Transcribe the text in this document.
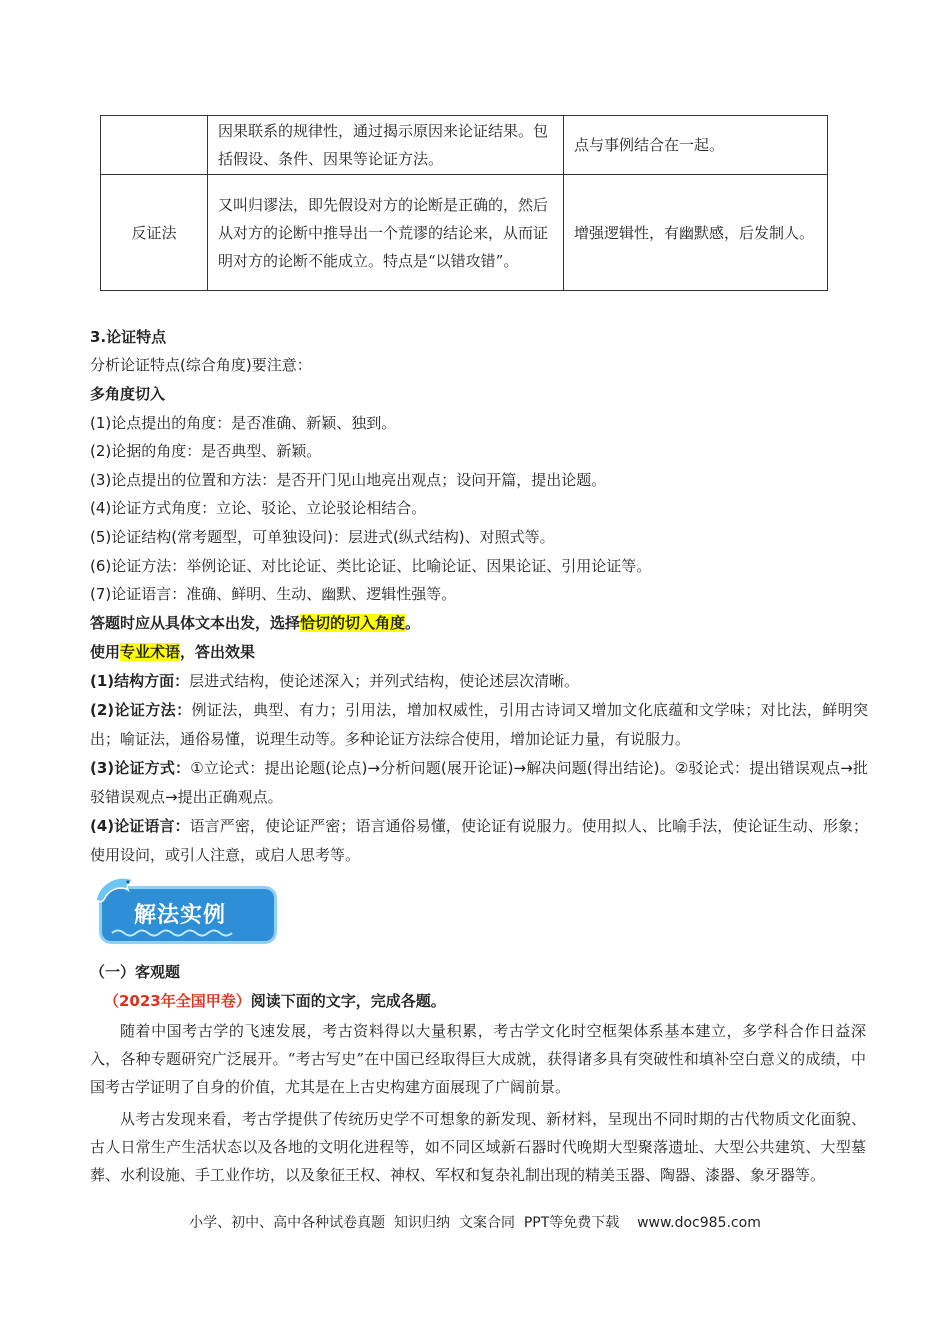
	因果联系的规律性，通过揭示原因来论证结果。包括假设、条件、因果等论证方法。	点与事例结合在一起。
反证法	又叫归谬法，即先假设对方的论断是正确的，然后从对方的论断中推导出一个荒谬的结论来，从而证明对方的论断不能成立。特点是“以错攻错”。	增强逻辑性，有幽默感，后发制人。
3.论证特点
分析论证特点(综合角度)要注意：
多角度切入
(1)论点提出的角度：是否准确、新颖、独到。
(2)论据的角度：是否典型、新颖。
(3)论点提出的位置和方法：是否开门见山地亮出观点；设问开篇，提出论题。
(4)论证方式角度：立论、驳论、立论驳论相结合。
(5)论证结构(常考题型，可单独设问)：层进式(纵式结构)、对照式等。
(6)论证方法：举例论证、对比论证、类比论证、比喻论证、因果论证、引用论证等。
(7)论证语言：准确、鲜明、生动、幽默、逻辑性强等。
答题时应从具体文本出发，选择恰切的切入角度。
使用专业术语，答出效果
(1)结构方面：层进式结构，使论述深入；并列式结构，使论述层次清晰。
(2)论证方法：例证法，典型、有力；引用法，增加权威性，引用古诗词又增加文化底蕴和文学味；对比法，鲜明突出；喻证法，通俗易懂，说理生动等。多种论证方法综合使用，增加论证力量，有说服力。
(3)论证方式：①立论式：提出论题(论点)→分析问题(展开论证)→解决问题(得出结论)。②驳论式：提出错误观点→批驳错误观点→提出正确观点。
(4)论证语言：语言严密，使论证严密；语言通俗易懂，使论证有说服力。使用拟人、比喻手法，使论证生动、形象；使用设问，或引人注意，或启人思考等。
解法实例
（一）客观题
（2023年全国甲卷）阅读下面的文字，完成各题。
随着中国考古学的飞速发展，考古资料得以大量积累，考古学文化时空框架体系基本建立，多学科合作日益深入，各种专题研究广泛展开。“考古写史”在中国已经取得巨大成就，获得诸多具有突破性和填补空白意义的成绩，中国考古学证明了自身的价值，尤其是在上古史构建方面展现了广阔前景。
从考古发现来看，考古学提供了传统历史学不可想象的新发现、新材料，呈现出不同时期的古代物质文化面貌、古人日常生产生活状态以及各地的文明化进程等，如不同区域新石器时代晚期大型聚落遗址、大型公共建筑、大型墓葬、水利设施、手工业作坊，以及象征王权、神权、军权和复杂礼制出现的精美玉器、陶器、漆器、象牙器等。
小学、初中、高中各种试卷真题  知识归纳  文案合同  PPT等免费下载    www.doc985.com
